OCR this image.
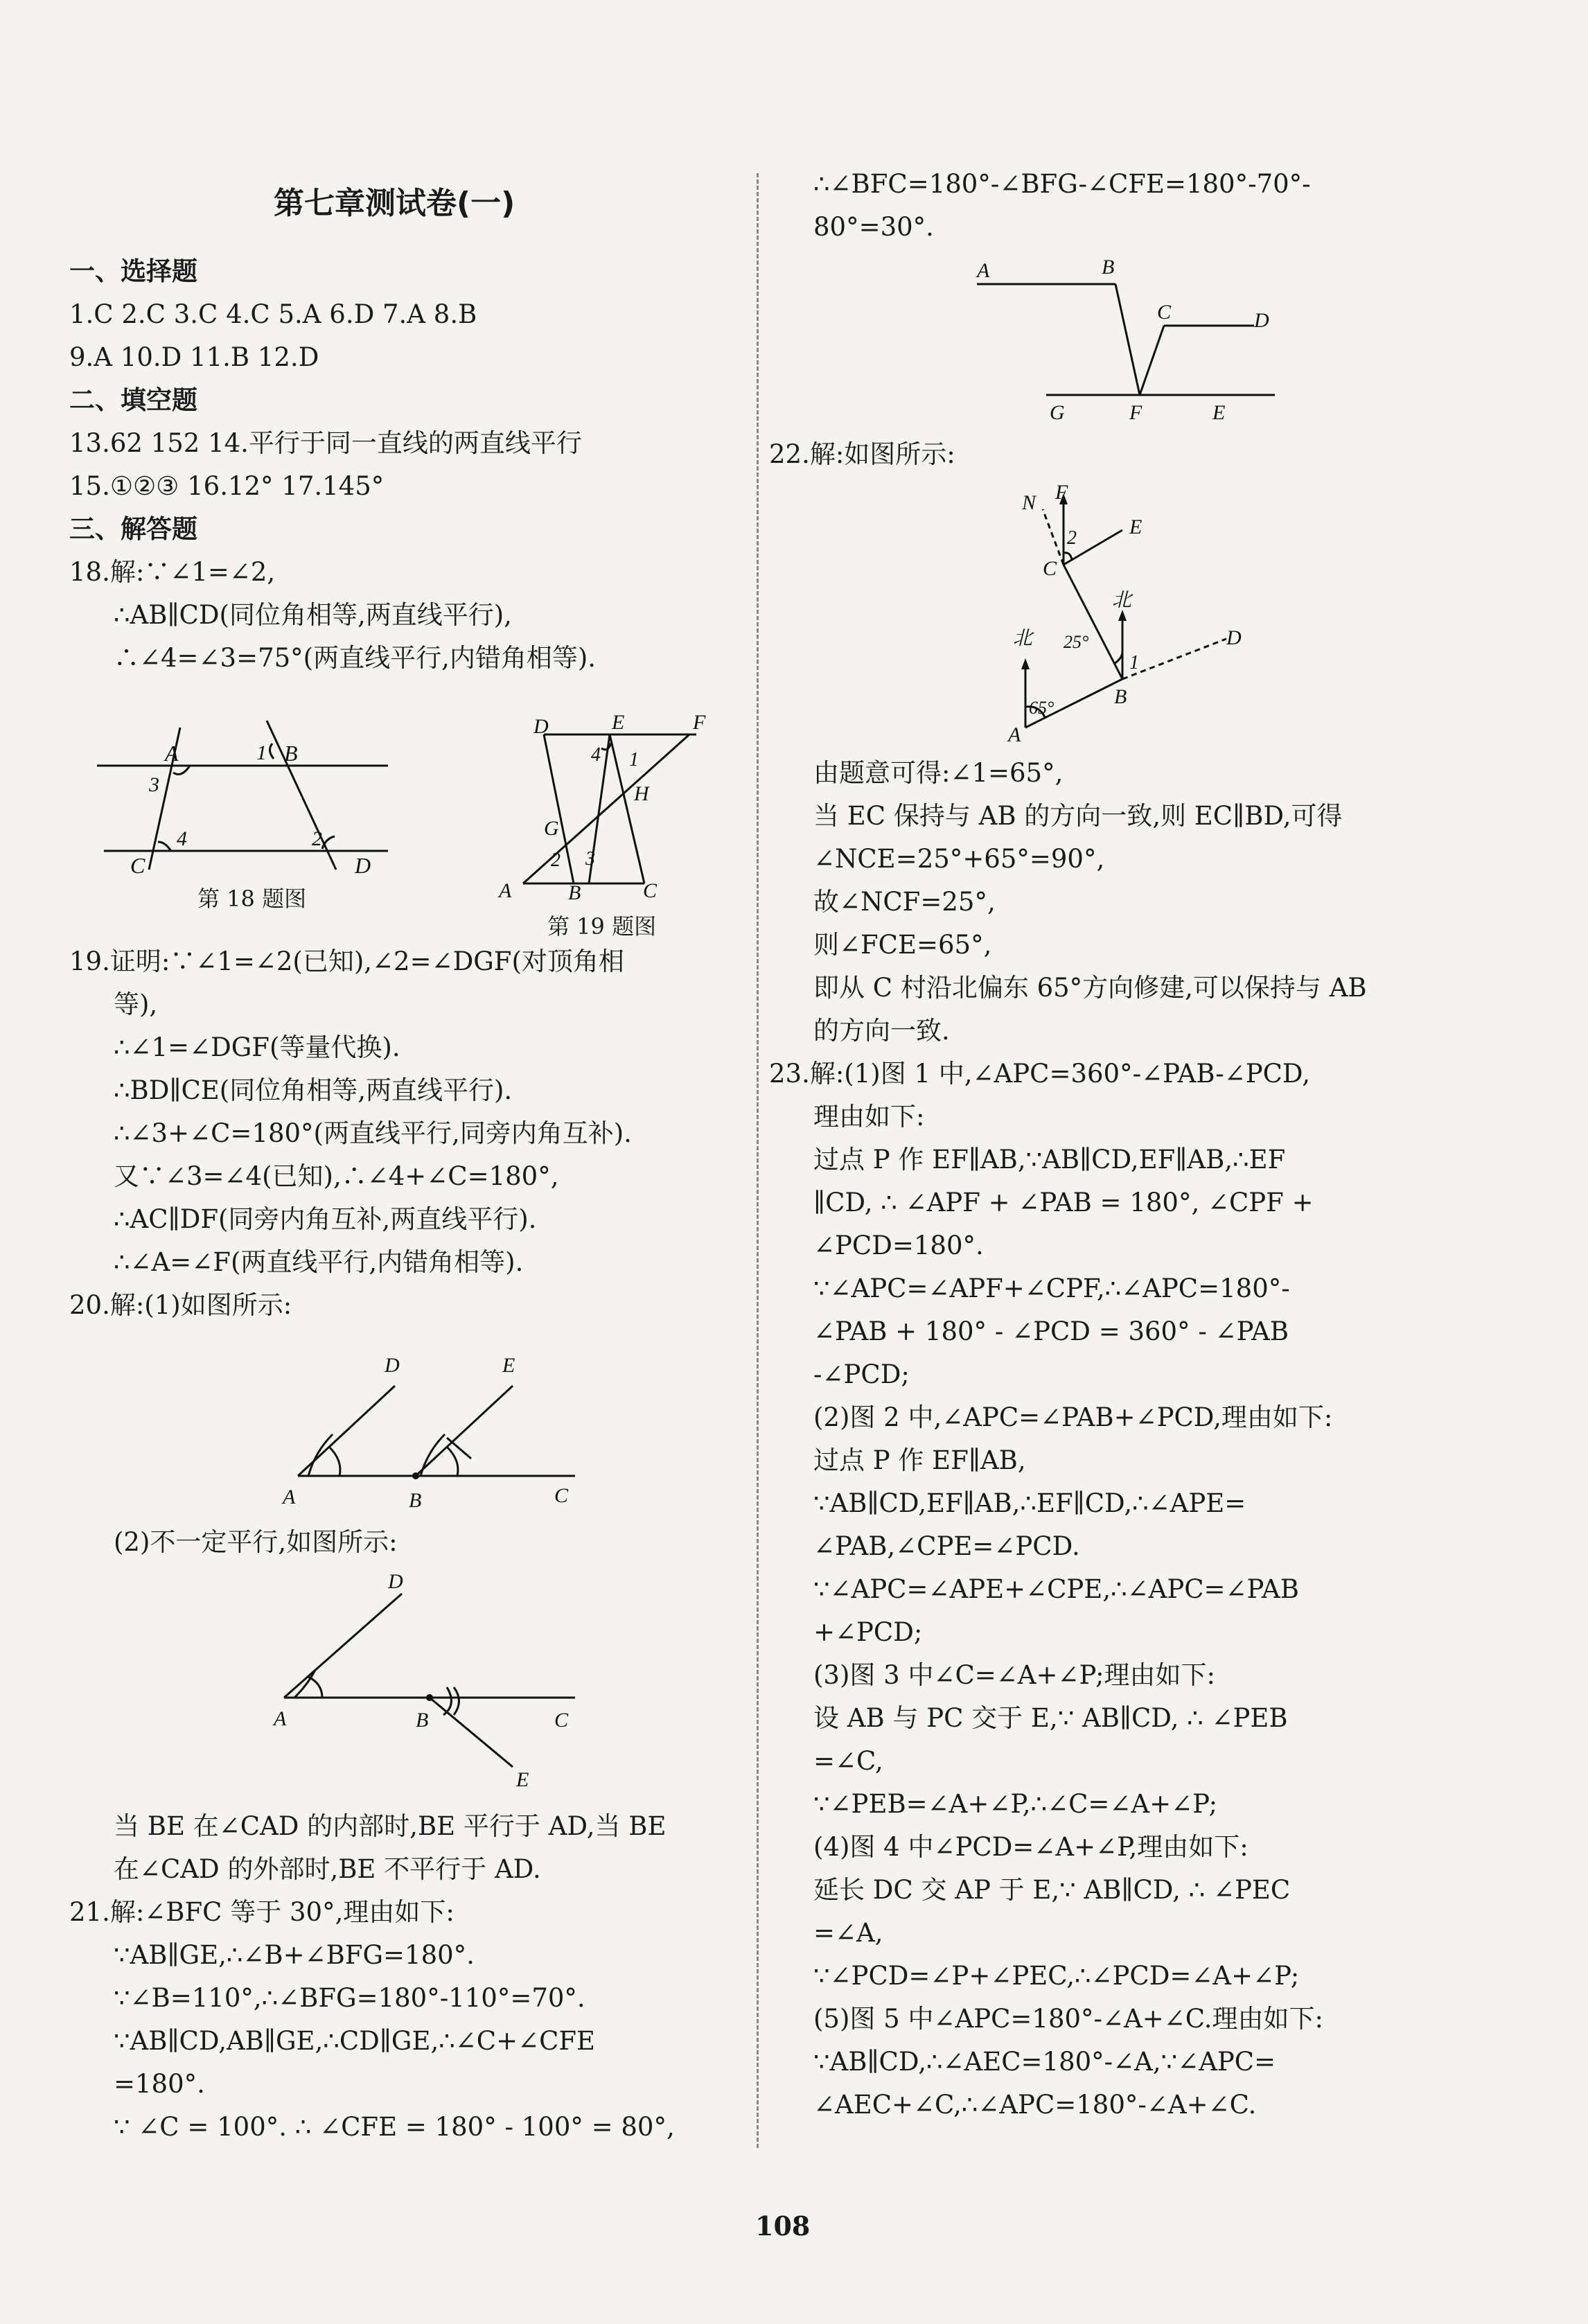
第七章测试卷(一)
一、选择题
1.C 2.C 3.C 4.C 5.A 6.D 7.A 8.B
9.A 10.D 11.B 12.D
二、填空题
13.62 152 14.平行于同一直线的两直线平行
15.①②③ 16.12° 17.145°
三、解答题
18.解:∵∠1=∠2,
∴AB∥CD(同位角相等,两直线平行),
∴∠4=∠3=75°(两直线平行,内错角相等).
A	1 B
3
C
4	2
D
第 18 题图
D	E	F
4 1
H
G
2 3
A	B	C
第 19 题图
19.证明:∵∠1=∠2(已知),∠2=∠DGF(对顶角相
等),
∴∠1=∠DGF(等量代换).
∴BD∥CE(同位角相等,两直线平行).
∴∠3+∠C=180°(两直线平行,同旁内角互补).
又∵∠3=∠4(已知),∴∠4+∠C=180°,
∴AC∥DF(同旁内角互补,两直线平行).
∴∠A=∠F(两直线平行,内错角相等).
20.解:(1)如图所示:
D	E
A	B	C
(2)不一定平行,如图所示:
D
A	B	C
E
当 BE 在∠CAD 的内部时,BE 平行于 AD,当 BE
在∠CAD 的外部时,BE 不平行于 AD.
21.解:∠BFC 等于 30°,理由如下:
∵AB∥GE,∴∠B+∠BFG=180°.
∵∠B=110°,∴∠BFG=180°-110°=70°.
∵AB∥CD,AB∥GE,∴CD∥GE,∴∠C+∠CFE
=180°.
∵ ∠C = 100°. ∴ ∠CFE = 180° - 100° = 80°,
∴∠BFC=180°-∠BFG-∠CFE=180°-70°-
80°=30°.
A	B
C	D
G	F	E
22.解:如图所示:
N F
E
2
C
北
25°
1
D
北
65°
A
B
由题意可得:∠1=65°,
当 EC 保持与 AB 的方向一致,则 EC∥BD,可得
∠NCE=25°+65°=90°,
故∠NCF=25°,
则∠FCE=65°,
即从 C 村沿北偏东 65°方向修建,可以保持与 AB
的方向一致.
23.解:(1)图 1 中,∠APC=360°-∠PAB-∠PCD,
理由如下:
过点 P 作 EF∥AB,∵AB∥CD,EF∥AB,∴EF
∥CD, ∴ ∠APF + ∠PAB = 180°, ∠CPF +
∠PCD=180°.
∵∠APC=∠APF+∠CPF,∴∠APC=180°-
∠PAB + 180° - ∠PCD = 360° - ∠PAB
-∠PCD;
(2)图 2 中,∠APC=∠PAB+∠PCD,理由如下:
过点 P 作 EF∥AB,
∵AB∥CD,EF∥AB,∴EF∥CD,∴∠APE=
∠PAB,∠CPE=∠PCD.
∵∠APC=∠APE+∠CPE,∴∠APC=∠PAB
+∠PCD;
(3)图 3 中∠C=∠A+∠P;理由如下:
设 AB 与 PC 交于 E,∵ AB∥CD, ∴ ∠PEB
=∠C,
∵∠PEB=∠A+∠P,∴∠C=∠A+∠P;
(4)图 4 中∠PCD=∠A+∠P,理由如下:
延长 DC 交 AP 于 E,∵ AB∥CD, ∴ ∠PEC
=∠A,
∵∠PCD=∠P+∠PEC,∴∠PCD=∠A+∠P;
(5)图 5 中∠APC=180°-∠A+∠C.理由如下:
∵AB∥CD,∴∠AEC=180°-∠A,∵∠APC=
∠AEC+∠C,∴∠APC=180°-∠A+∠C.
108
